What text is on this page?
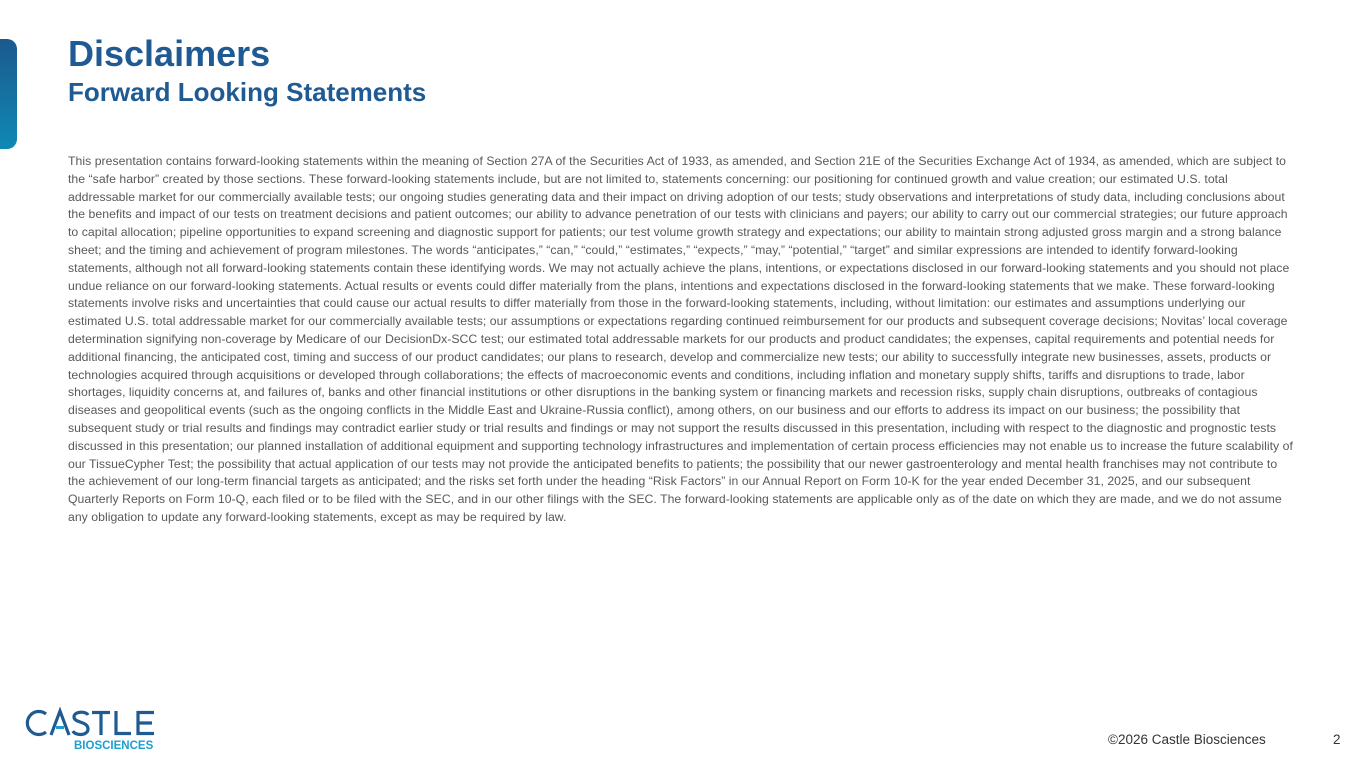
Disclaimers
Forward Looking Statements

This presentation contains forward-looking statements within the meaning of Section 27A of the Securities Act of 1933, as amended, and Section 21E of the Securities Exchange Act of 1934, as amended, which are subject to the “safe harbor” created by those sections. These forward-looking statements include, but are not limited to, statements concerning: our positioning for continued growth and value creation; our estimated U.S. total addressable market for our commercially available tests; our ongoing studies generating data and their impact on driving adoption of our tests; study observations and interpretations of study data, including conclusions about the benefits and impact of our tests on treatment decisions and patient outcomes; our ability to advance penetration of our tests with clinicians and payers; our ability to carry out our commercial strategies; our future approach to capital allocation; pipeline opportunities to expand screening and diagnostic support for patients; our test volume growth strategy and expectations; our ability to maintain strong adjusted gross margin and a strong balance sheet; and the timing and achievement of program milestones. The words “anticipates,” “can,” “could,” “estimates,” “expects,” “may,” “potential,” “target” and similar expressions are intended to identify forward-looking statements, although not all forward-looking statements contain these identifying words. We may not actually achieve the plans, intentions, or expectations disclosed in our forward-looking statements and you should not place undue reliance on our forward-looking statements. Actual results or events could differ materially from the plans, intentions and expectations disclosed in the forward-looking statements that we make. These forward-looking statements involve risks and uncertainties that could cause our actual results to differ materially from those in the forward-looking statements, including, without limitation: our estimates and assumptions underlying our estimated U.S. total addressable market for our commercially available tests; our assumptions or expectations regarding continued reimbursement for our products and subsequent coverage decisions; Novitas’ local coverage determination signifying non-coverage by Medicare of our DecisionDx-SCC test; our estimated total addressable markets for our products and product candidates; the expenses, capital requirements and potential needs for additional financing, the anticipated cost, timing and success of our product candidates; our plans to research, develop and commercialize new tests; our ability to successfully integrate new businesses, assets, products or technologies acquired through acquisitions or developed through collaborations; the effects of macroeconomic events and conditions, including inflation and monetary supply shifts, tariffs and disruptions to trade, labor shortages, liquidity concerns at, and failures of, banks and other financial institutions or other disruptions in the banking system or financing markets and recession risks, supply chain disruptions, outbreaks of contagious diseases and geopolitical events (such as the ongoing conflicts in the Middle East and Ukraine-Russia conflict), among others, on our business and our efforts to address its impact on our business; the possibility that subsequent study or trial results and findings may contradict earlier study or trial results and findings or may not support the results discussed in this presentation, including with respect to the diagnostic and prognostic tests discussed in this presentation; our planned installation of additional equipment and supporting technology infrastructures and implementation of certain process efficiencies may not enable us to increase the future scalability of our TissueCypher Test; the possibility that actual application of our tests may not provide the anticipated benefits to patients; the possibility that our newer gastroenterology and mental health franchises may not contribute to the achievement of our long-term financial targets as anticipated; and the risks set forth under the heading “Risk Factors” in our Annual Report on Form 10-K for the year ended December 31, 2025, and our subsequent Quarterly Reports on Form 10-Q, each filed or to be filed with the SEC, and in our other filings with the SEC. The forward-looking statements are applicable only as of the date on which they are made, and we do not assume any obligation to update any forward-looking statements, except as may be required by law.

BIOSCIENCES	©2026 Castle Biosciences	2
